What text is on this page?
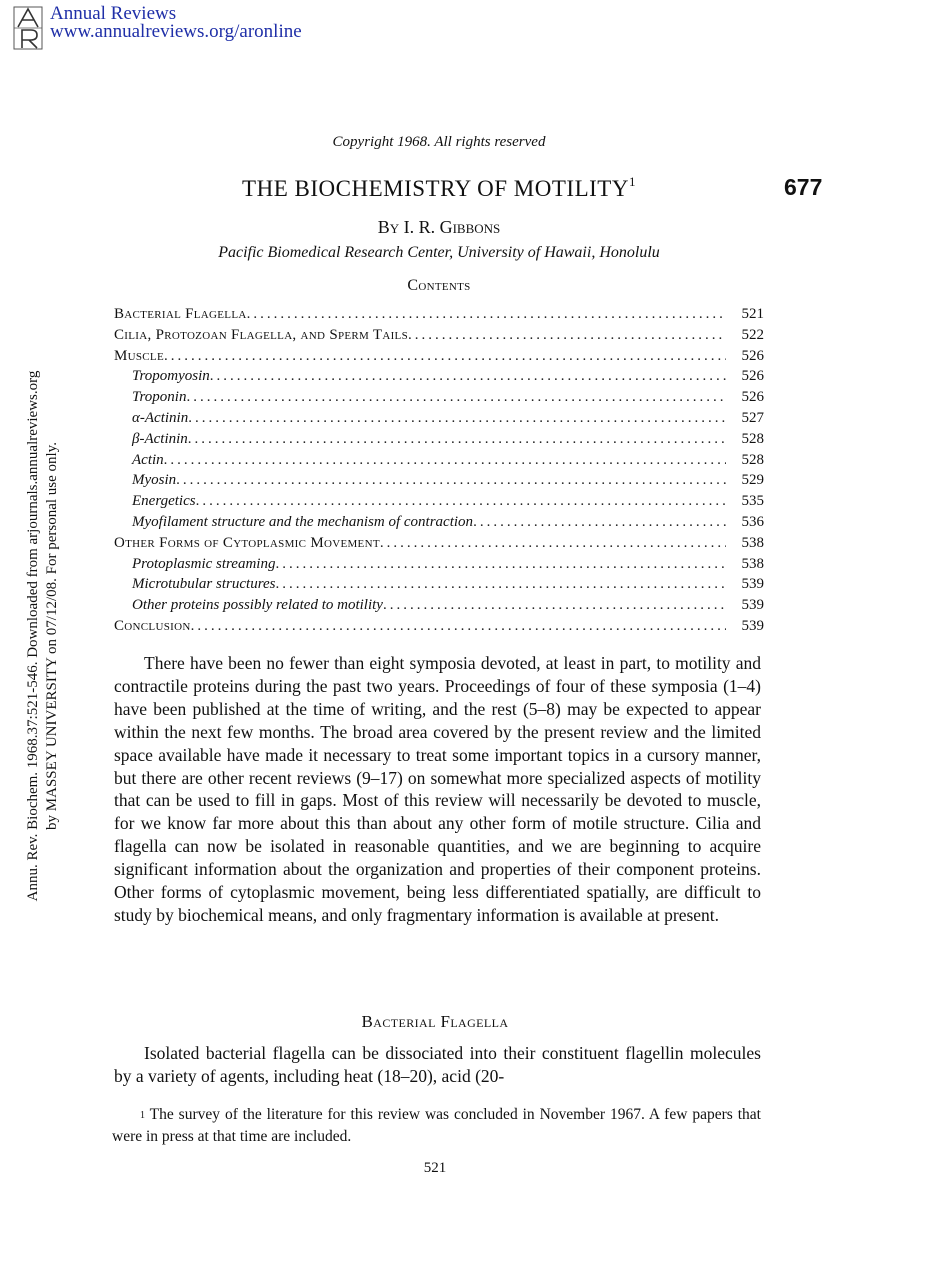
Annual Reviews
www.annualreviews.org/aronline
Annu. Rev. Biochem. 1968.37:521-546. Downloaded from arjournals.annualreviews.org by MASSEY UNIVERSITY on 07/12/08. For personal use only.
Copyright 1968. All rights reserved
THE BIOCHEMISTRY OF MOTILITY$^1$	677
By I. R. Gibbons
Pacific Biomedical Research Center, University of Hawaii, Honolulu
Contents
Bacterial Flagella .....	521
Cilia, Protozoan Flagella, and Sperm Tails .....	522
Muscle .....	526
Tropomyosin .....	526
Troponin .....	526
α-Actinin .....	527
β-Actinin .....	528
Actin .....	528
Myosin .....	529
Energetics .....	535
Myofilament structure and the mechanism of contraction .....	536
Other Forms of Cytoplasmic Movement .....	538
Protoplasmic streaming .....	538
Microtubular structures .....	539
Other proteins possibly related to motility .....	539
Conclusion .....	539

There have been no fewer than eight symposia devoted, at least in part, to motility and contractile proteins during the past two years. Proceedings of four of these symposia (1–4) have been published at the time of writing, and the rest (5–8) may be expected to appear within the next few months. The broad area covered by the present review and the limited space available have made it necessary to treat some important topics in a cursory manner, but there are other recent reviews (9–17) on somewhat more specialized aspects of motility that can be used to fill in gaps. Most of this review will necessarily be devoted to muscle, for we know far more about this than about any other form of motile structure. Cilia and flagella can now be isolated in reasonable quantities, and we are beginning to acquire significant information about the organization and properties of their component proteins. Other forms of cytoplasmic movement, being less differentiated spatially, are difficult to study by biochemical means, and only fragmentary information is available at present.

Bacterial Flagella

Isolated bacterial flagella can be dissociated into their constituent flagellin molecules by a variety of agents, including heat (18–20), acid (20-

$^1$ The survey of the literature for this review was concluded in November 1967. A few papers that were in press at that time are included.

521
